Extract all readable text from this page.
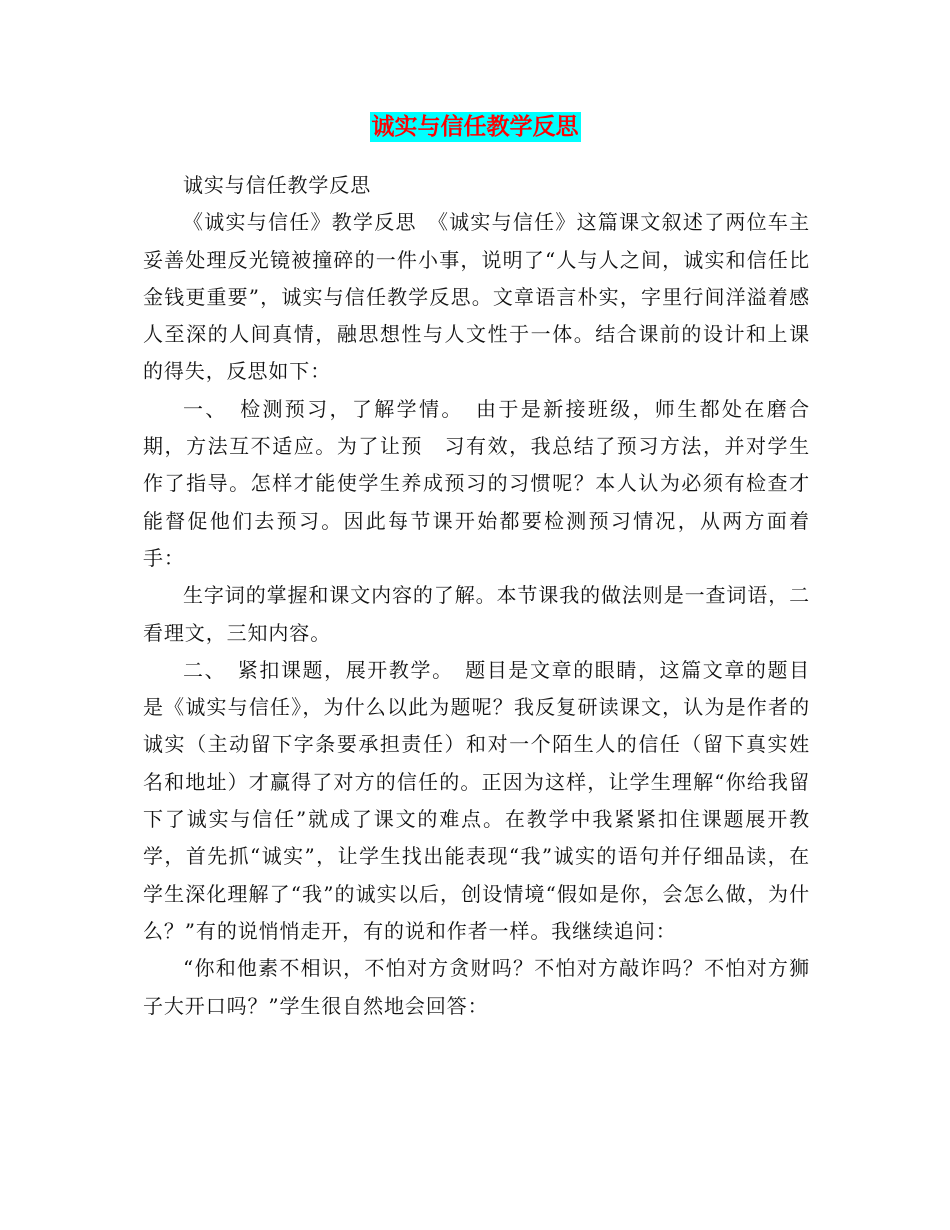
诚实与信任教学反思

诚实与信任教学反思

《诚实与信任》教学反思　《诚实与信任》这篇课文叙述了两位车主妥善处理反光镜被撞碎的一件小事，说明了“人与人之间，诚实和信任比金钱更重要”，诚实与信任教学反思。文章语言朴实，字里行间洋溢着感人至深的人间真情，融思想性与人文性于一体。结合课前的设计和上课的得失，反思如下：

一、　检测预习，了解学情。　由于是新接班级，师生都处在磨合期，方法互不适应。为了让预　习有效，我总结了预习方法，并对学生作了指导。怎样才能使学生养成预习的习惯呢？本人认为必须有检查才能督促他们去预习。因此每节课开始都要检测预习情况，从两方面着手：

生字词的掌握和课文内容的了解。本节课我的做法则是一查词语，二看理文，三知内容。

二、　紧扣课题，展开教学。　题目是文章的眼睛，这篇文章的题目是《诚实与信任》，为什么以此为题呢？我反复研读课文，认为是作者的诚实（主动留下字条要承担责任）和对一个陌生人的信任（留下真实姓名和地址）才赢得了对方的信任的。正因为这样，让学生理解“你给我留下了诚实与信任”就成了课文的难点。在教学中我紧紧扣住课题展开教学，首先抓“诚实”，让学生找出能表现“我”诚实的语句并仔细品读，在学生深化理解了“我”的诚实以后，创设情境“假如是你，会怎么做，为什么？”有的说悄悄走开，有的说和作者一样。我继续追问：

“你和他素不相识，不怕对方贪财吗？不怕对方敲诈吗？不怕对方狮子大开口吗？”学生很自然地会回答：
